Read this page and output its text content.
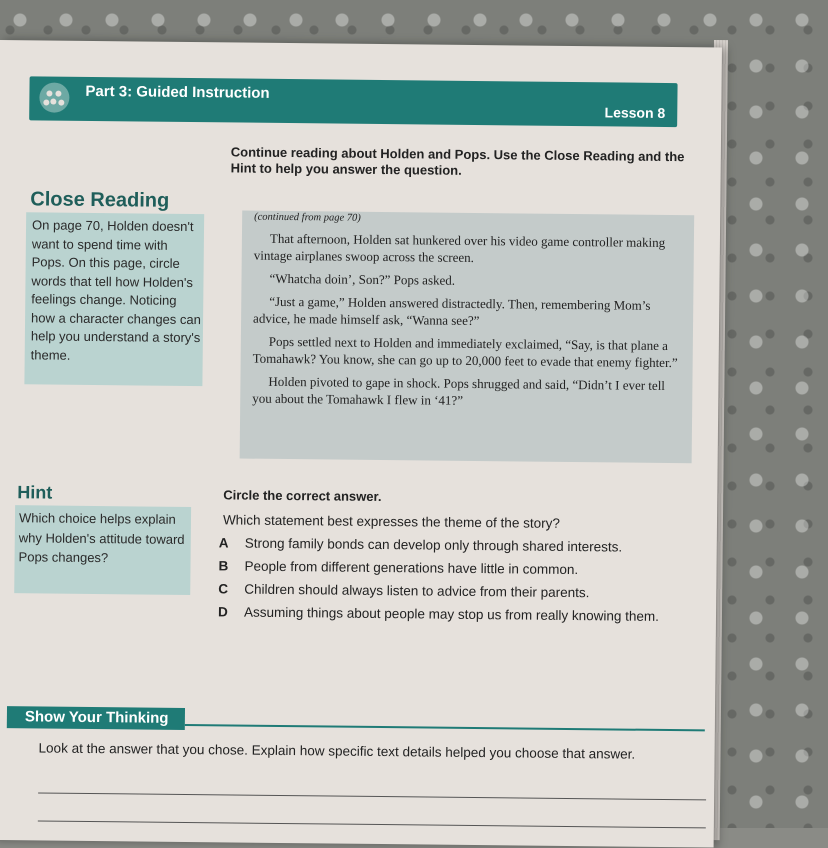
Part 3: Guided Instruction
Lesson 8
Continue reading about Holden and Pops. Use the Close Reading and the Hint to help you answer the question.
Close Reading
On page 70, Holden doesn't want to spend time with Pops. On this page, circle words that tell how Holden's feelings change. Noticing how a character changes can help you understand a story's theme.
(continued from page 70)

That afternoon, Holden sat hunkered over his video game controller making vintage airplanes swoop across the screen.

“Whatcha doin’, Son?” Pops asked.

“Just a game,” Holden answered distractedly. Then, remembering Mom’s advice, he made himself ask, “Wanna see?”

Pops settled next to Holden and immediately exclaimed, “Say, is that plane a Tomahawk? You know, she can go up to 20,000 feet to evade that enemy fighter.”

Holden pivoted to gape in shock. Pops shrugged and said, “Didn’t I ever tell you about the Tomahawk I flew in ‘41?”

Hint
Which choice helps explain why Holden's attitude toward Pops changes?
Circle the correct answer.
Which statement best expresses the theme of the story?
A Strong family bonds can develop only through shared interests.
B People from different generations have little in common.
C Children should always listen to advice from their parents.
D Assuming things about people may stop us from really knowing them.
Show Your Thinking
Look at the answer that you chose. Explain how specific text details helped you choose that answer.
